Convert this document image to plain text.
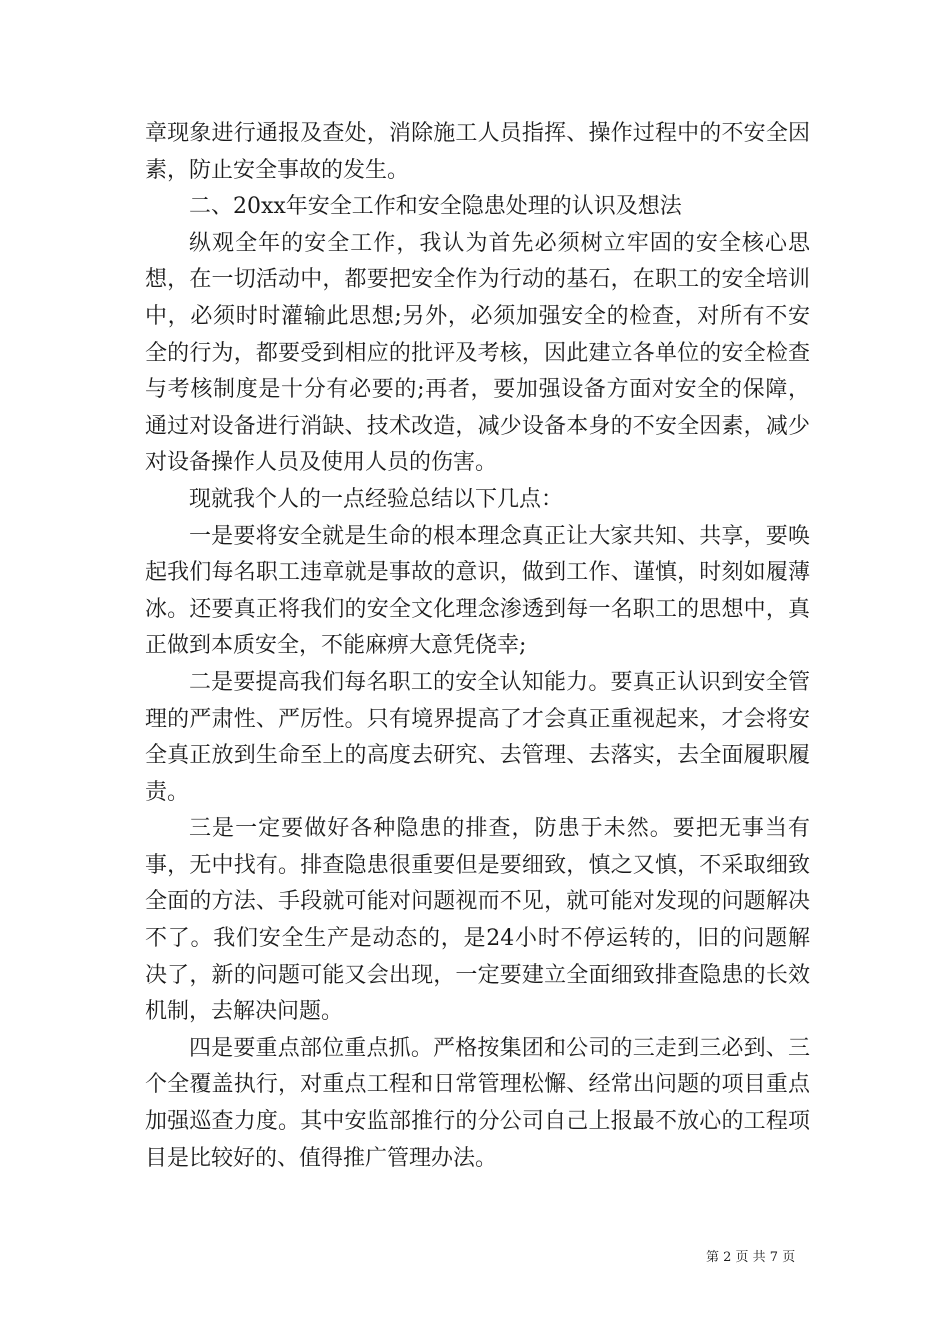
章现象进行通报及查处，消除施工人员指挥、操作过程中的不安全因素，防止安全事故的发生。

二、20xx年安全工作和安全隐患处理的认识及想法

纵观全年的安全工作，我认为首先必须树立牢固的安全核心思想，在一切活动中，都要把安全作为行动的基石，在职工的安全培训中，必须时时灌输此思想;另外，必须加强安全的检查，对所有不安全的行为，都要受到相应的批评及考核，因此建立各单位的安全检查与考核制度是十分有必要的;再者，要加强设备方面对安全的保障，通过对设备进行消缺、技术改造，减少设备本身的不安全因素，减少对设备操作人员及使用人员的伤害。

现就我个人的一点经验总结以下几点：

一是要将安全就是生命的根本理念真正让大家共知、共享，要唤起我们每名职工违章就是事故的意识，做到工作、谨慎，时刻如履薄冰。还要真正将我们的安全文化理念渗透到每一名职工的思想中，真正做到本质安全，不能麻痹大意凭侥幸;

二是要提高我们每名职工的安全认知能力。要真正认识到安全管理的严肃性、严厉性。只有境界提高了才会真正重视起来，才会将安全真正放到生命至上的高度去研究、去管理、去落实，去全面履职履责。

三是一定要做好各种隐患的排查，防患于未然。要把无事当有事，无中找有。排查隐患很重要但是要细致，慎之又慎，不采取细致全面的方法、手段就可能对问题视而不见，就可能对发现的问题解决不了。我们安全生产是动态的，是24小时不停运转的，旧的问题解决了，新的问题可能又会出现，一定要建立全面细致排查隐患的长效机制，去解决问题。

四是要重点部位重点抓。严格按集团和公司的三走到三必到、三个全覆盖执行，对重点工程和日常管理松懈、经常出问题的项目重点加强巡查力度。其中安监部推行的分公司自己上报最不放心的工程项目是比较好的、值得推广管理办法。

第 2 页 共 7 页
